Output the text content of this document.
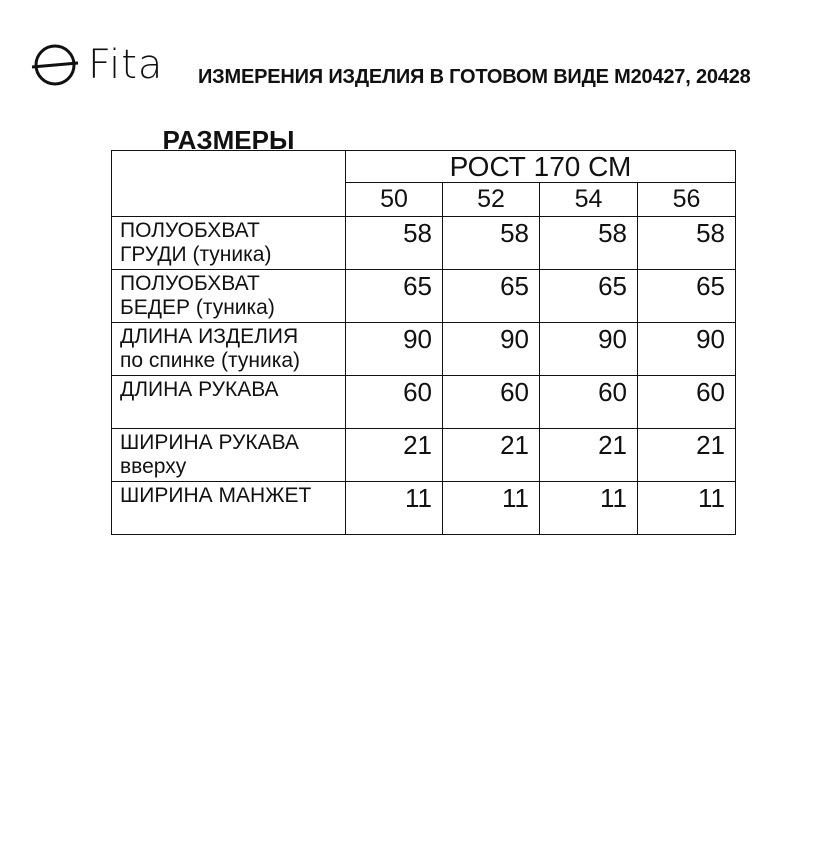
Fita ИЗМЕРЕНИЯ ИЗДЕЛИЯ В ГОТОВОМ ВИДЕ М20427, 20428
РАЗМЕРЫ	РОСТ 170 СМ			
	50	52	54	56

ПОЛУОБХВАТ
ГРУДИ (туника)	58	58	58	58

ПОЛУОБХВАТ
БЕДЕР (туника)	65	65	65	65

ДЛИНА ИЗДЕЛИЯ
по спинке (туника)	90	90	90	90

ДЛИНА РУКАВА	60	60	60	60

ШИРИНА РУКАВА
вверху	21	21	21	21

ШИРИНА МАНЖЕТ	11	11	11	11
